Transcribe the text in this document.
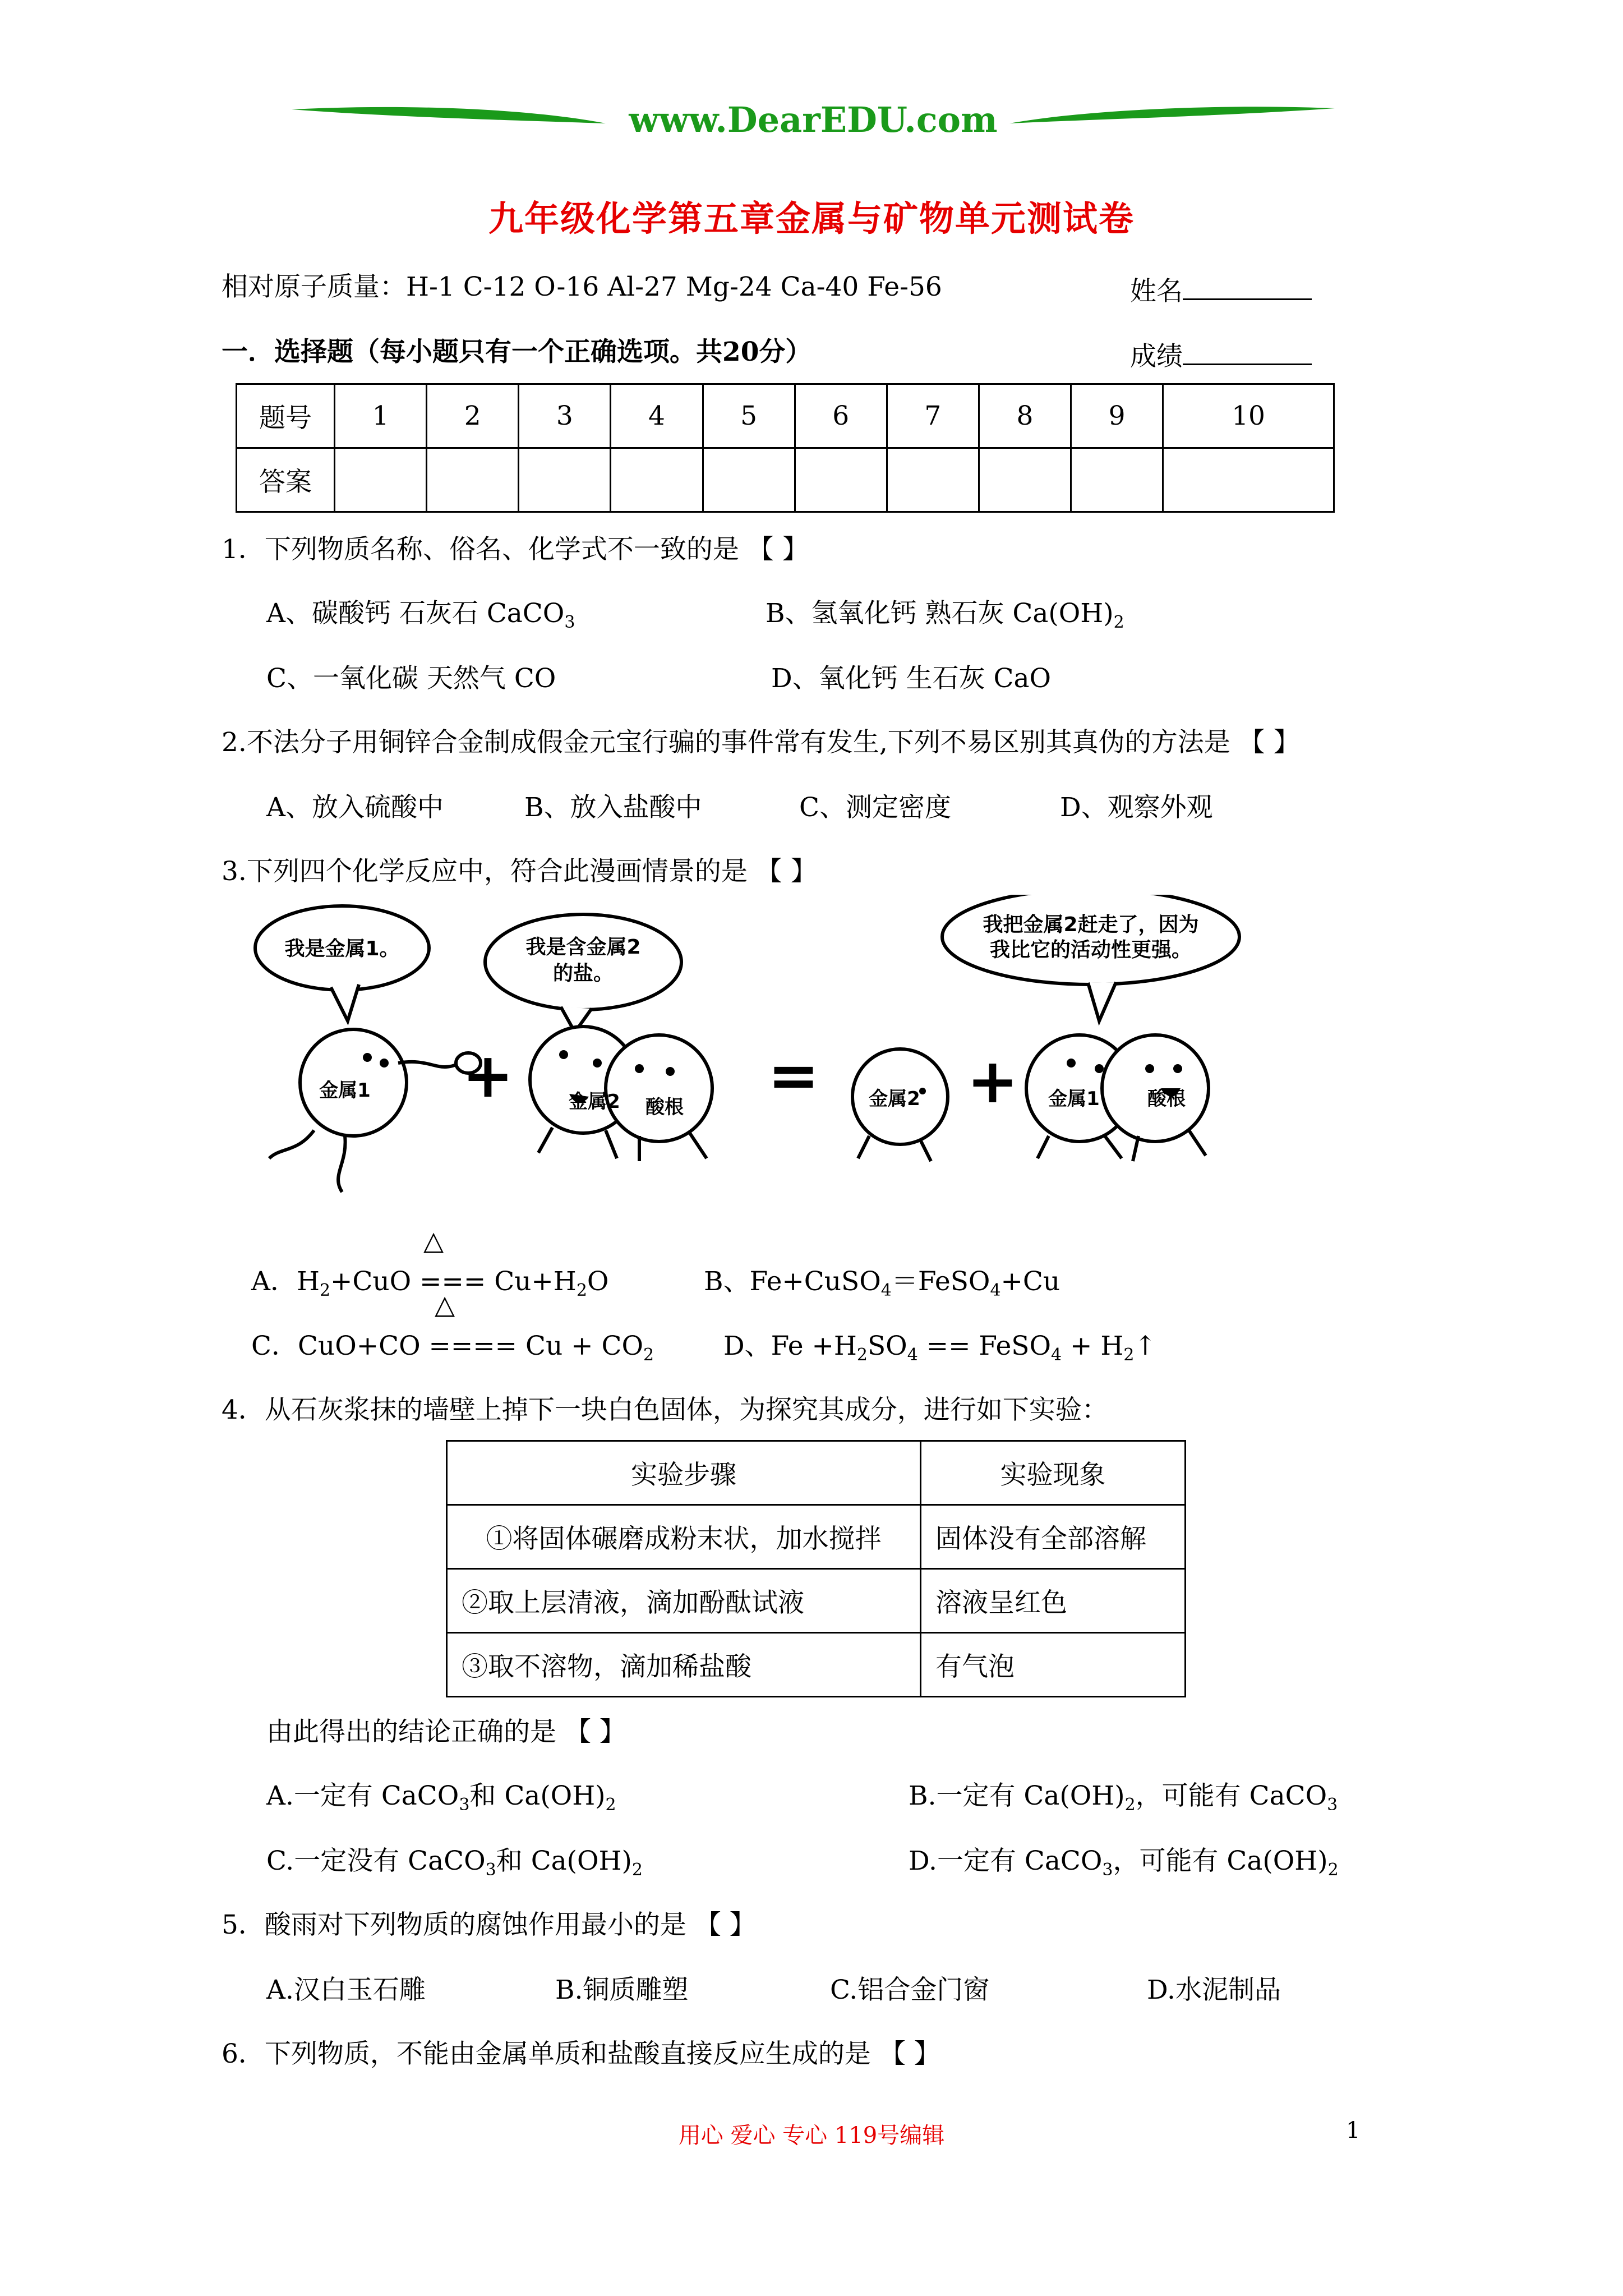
www.DearEDU.com
九年级化学第五章金属与矿物单元测试卷
相对原子质量：H-1 C-12 O-16 Al-27 Mg-24 Ca-40 Fe-56	姓名
一．选择题（每小题只有一个正确选项。共20分）	成绩
题号	1	2	3	4	5	6	7	8	9	10
答案										
1．下列物质名称、俗名、化学式不一致的是 【 】
A、碳酸钙 石灰石 CaCO$_3$	B、氢氧化钙 熟石灰 $Ca(OH)_2$
C、一氧化碳 天然气 CO	D、氧化钙 生石灰 CaO
2.不法分子用铜锌合金制成假金元宝行骗的事件常有发生,下列不易区别其真伪的方法是 【 】
A、放入硫酸中	B、放入盐酸中	C、测定密度	D、观察外观
3.下列四个化学反应中，符合此漫画情景的是 【 】
我是金属1。	我是含金属2
的盐。
我把金属2赶走了，因为
我比它的活动性更强。
金属1	金属2 酸根	金属2	金属1	酸根
+	= +
△
A．$H_2+CuO$ === $Cu+H_2O$	B、Fe+CuSO$_4$＝FeSO$_4$+Cu
△
C．CuO+CO ==== $Cu + CO_2$	D、$Fe +H_2SO_4$ == FeSO$_4$ + $H_2↑$
4．从石灰浆抹的墙壁上掉下一块白色固体，为探究其成分，进行如下实验：
实验步骤	实验现象
①将固体碾磨成粉末状，加水搅拌	固体没有全部溶解
②取上层清液，滴加酚酞试液	溶液呈红色
③取不溶物，滴加稀盐酸	有气泡
由此得出的结论正确的是 【 】
A.一定有 CaCO$_3$和 $Ca(OH)_2$	B.一定有 $Ca(OH)_2$，可能有 CaCO$_3$
C.一定没有 CaCO$_3$和 $Ca(OH)_2$	D.一定有 CaCO$_3$，可能有 $Ca(OH)_2$
5．酸雨对下列物质的腐蚀作用最小的是 【 】
A.汉白玉石雕	B.铜质雕塑	C.铝合金门窗	D.水泥制品
6．下列物质，不能由金属单质和盐酸直接反应生成的是 【 】
用心 爱心 专心 119号编辑	1
